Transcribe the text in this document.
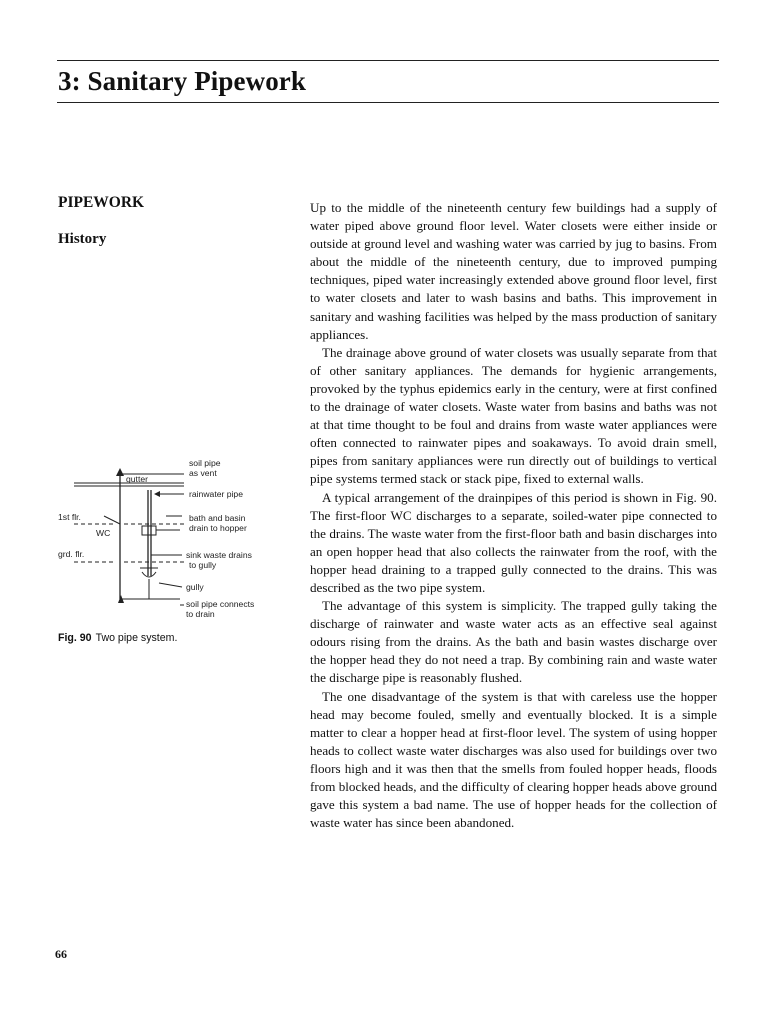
3: Sanitary Pipework
PIPEWORK
History

Up to the middle of the nineteenth century few buildings had a supply of water piped above ground floor level. Water closets were either inside or outside at ground level and washing water was carried by jug to basins. From about the middle of the nineteenth century, due to improved pumping techniques, piped water increasingly extended above ground floor level, first to water closets and later to wash basins and baths. This improvement in sanitary and washing facilities was helped by the mass production of sanitary appliances.

The drainage above ground of water closets was usually separate from that of other sanitary appliances. The demands for hygienic arrangements, provoked by the typhus epidemics early in the century, were at first confined to the drainage of water closets. Waste water from basins and baths was not at that time thought to be foul and drains from waste water appliances were often connected to rainwater pipes and soakaways. To avoid drain smell, pipes from sanitary appliances were run directly out of buildings to vertical pipe systems termed stack or stack pipe, fixed to external walls.

A typical arrangement of the drainpipes of this period is shown in Fig. 90. The first-floor WC discharges to a separate, soiled-water pipe connected to the drains. The waste water from the first-floor bath and basin discharges into an open hopper head that also collects the rainwater from the roof, with the hopper head draining to a trapped gully connected to the drains. This was described as the two pipe system.

The advantage of this system is simplicity. The trapped gully taking the discharge of rainwater and waste water acts as an effective seal against odours rising from the drains. As the bath and basin wastes discharge over the hopper head they do not need a trap. By combining rain and waste water the discharge pipe is reasonably flushed.

The one disadvantage of the system is that with careless use the hopper head may become fouled, smelly and eventually blocked. It is a simple matter to clear a hopper head at first-floor level. The system of using hopper heads to collect waste water discharges was also used for buildings over two floors high and it was then that the smells from fouled hopper heads, floods from blocked heads, and the difficulty of clearing hopper heads above ground gave this system a bad name. The use of hopper heads for the collection of waste water has since been abandoned.

gutter
1st flr.
WC
grd. flr.
soil pipe
as vent
rainwater pipe
bath and basin
drain to hopper
sink waste drains
to gully
gully
soil pipe connects
to drain

Fig. 90 Two pipe system.

66
